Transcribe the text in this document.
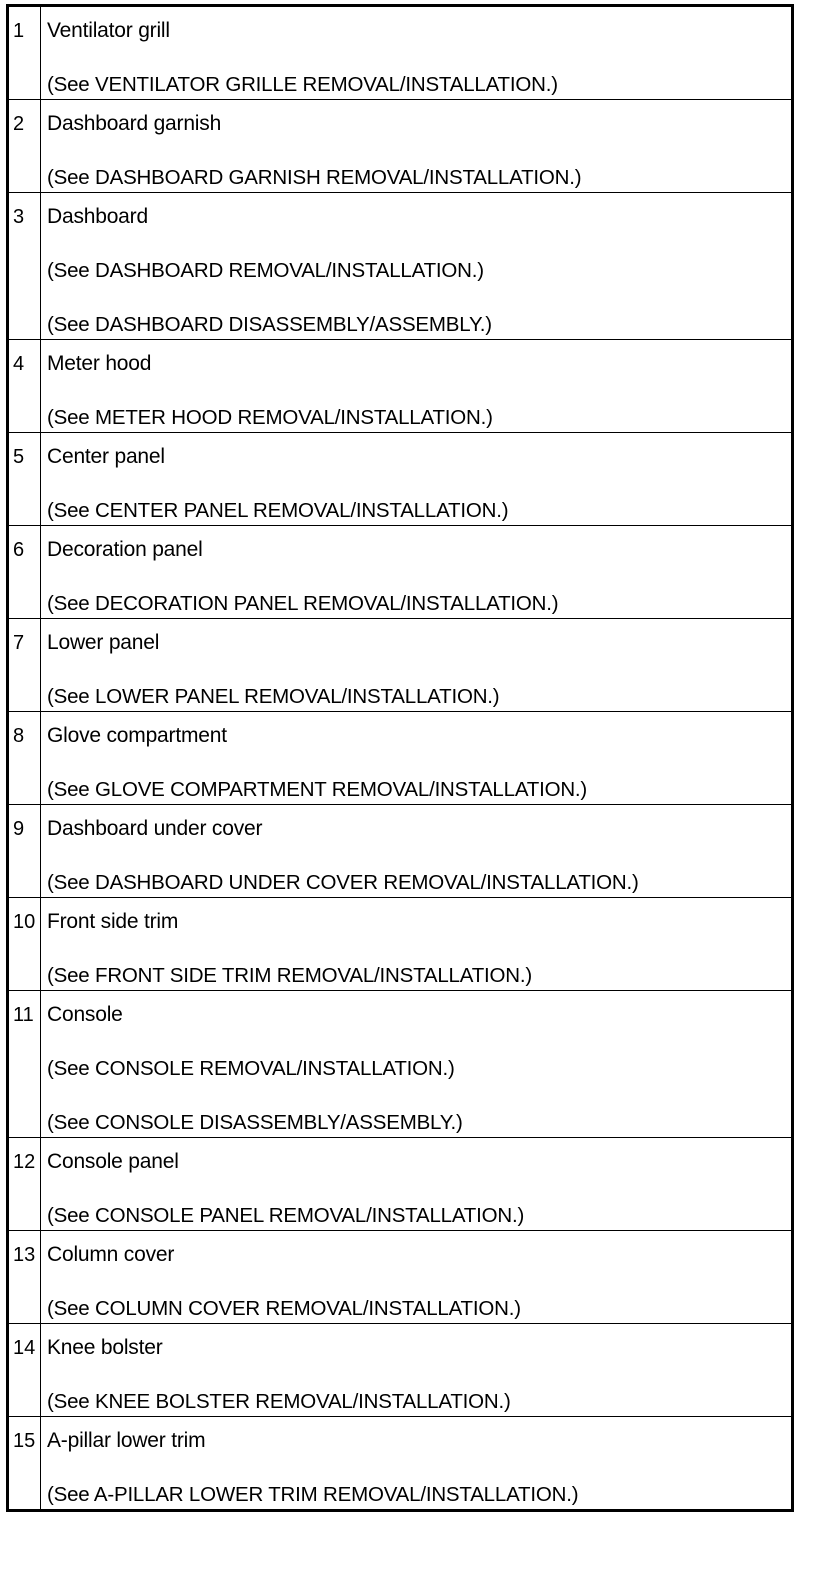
1	Ventilator grill
(See VENTILATOR GRILLE REMOVAL/INSTALLATION.)

2	Dashboard garnish
(See DASHBOARD GARNISH REMOVAL/INSTALLATION.)

3	Dashboard
(See DASHBOARD REMOVAL/INSTALLATION.)
(See DASHBOARD DISASSEMBLY/ASSEMBLY.)

4	Meter hood
(See METER HOOD REMOVAL/INSTALLATION.)

5	Center panel
(See CENTER PANEL REMOVAL/INSTALLATION.)

6	Decoration panel
(See DECORATION PANEL REMOVAL/INSTALLATION.)

7	Lower panel
(See LOWER PANEL REMOVAL/INSTALLATION.)

8	Glove compartment
(See GLOVE COMPARTMENT REMOVAL/INSTALLATION.)

9	Dashboard under cover
(See DASHBOARD UNDER COVER REMOVAL/INSTALLATION.)

10	Front side trim
(See FRONT SIDE TRIM REMOVAL/INSTALLATION.)

11	Console
(See CONSOLE REMOVAL/INSTALLATION.)
(See CONSOLE DISASSEMBLY/ASSEMBLY.)

12	Console panel
(See CONSOLE PANEL REMOVAL/INSTALLATION.)

13	Column cover
(See COLUMN COVER REMOVAL/INSTALLATION.)

14	Knee bolster
(See KNEE BOLSTER REMOVAL/INSTALLATION.)

15	A-pillar lower trim
(See A-PILLAR LOWER TRIM REMOVAL/INSTALLATION.)
